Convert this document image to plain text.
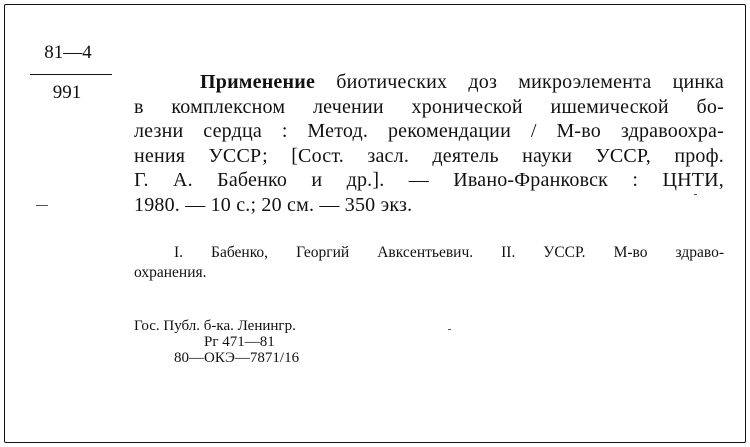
81—4
991	Применение биотических доз микроэлемента цинка
в комплексном лечении хронической ишемической бо-
лезни сердца : Метод. рекомендации / М-во здравоохра-
нения УССР; [Сост. засл. деятель науки УССР, проф.
Г. А. Бабенко и др.]. — Ивано-Франковск : ЦНТИ,
1980. — 10 с.; 20 см. — 350 экз.
I. Бабенко, Георгий Авксентьевич. II. УССР. М-во здраво-
охранения.
Гос. Публ. б-ка. Ленингр.
Рг 471—81
80—ОКЭ—7871/16
